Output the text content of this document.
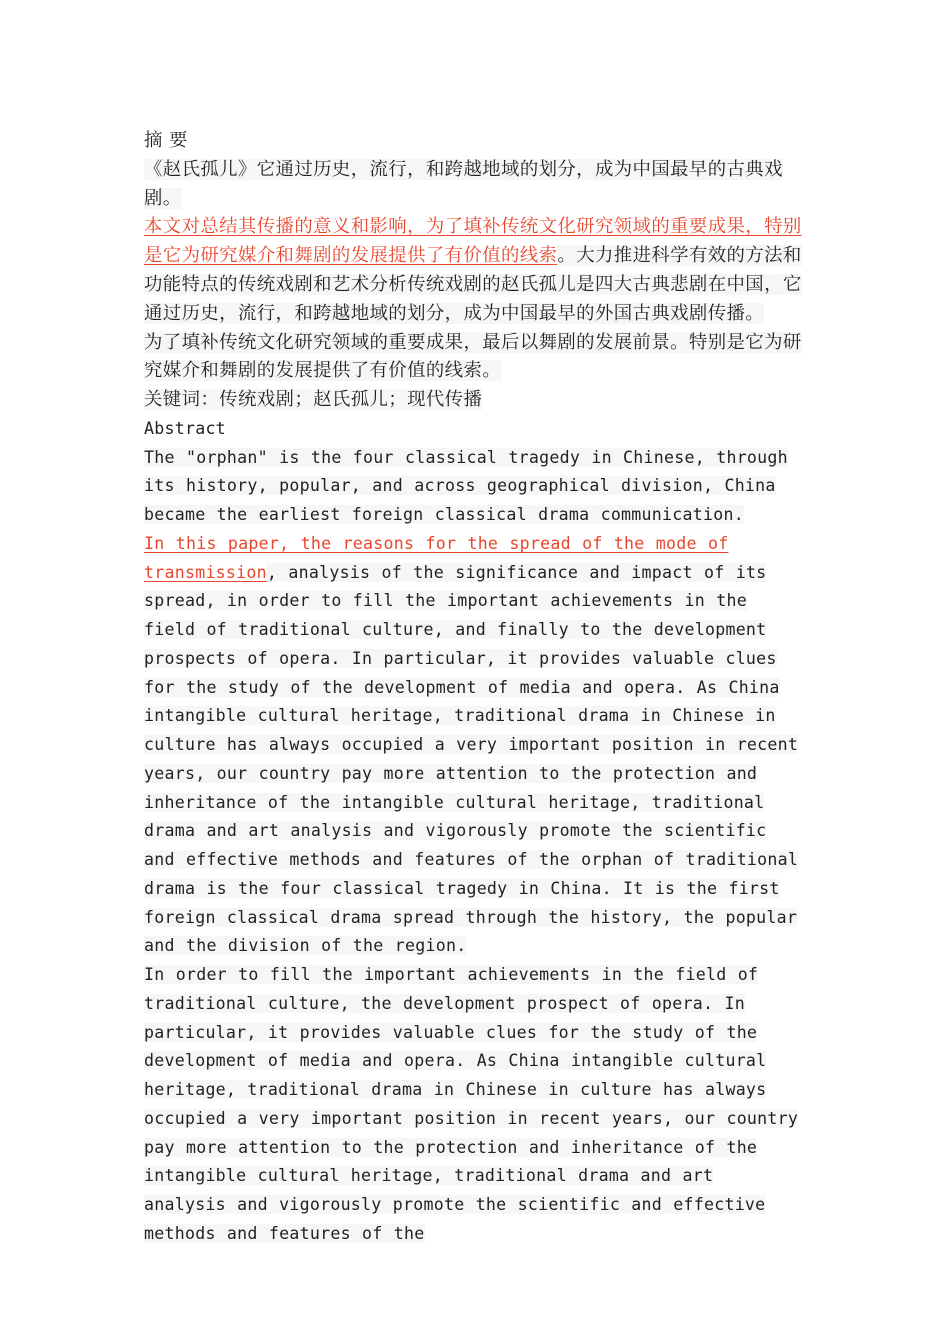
摘 要

《赵氏孤儿》它通过历史，流行，和跨越地域的划分，成为中国最早的古典戏剧。

本文对总结其传播的意义和影响，为了填补传统文化研究领域的重要成果，特别是它为研究媒介和舞剧的发展提供了有价值的线索。大力推进科学有效的方法和功能特点的传统戏剧和艺术分析传统戏剧的赵氏孤儿是四大古典悲剧在中国，它通过历史，流行，和跨越地域的划分，成为中国最早的外国古典戏剧传播。

为了填补传统文化研究领域的重要成果，最后以舞剧的发展前景。特别是它为研究媒介和舞剧的发展提供了有价值的线索。

关键词：传统戏剧；赵氏孤儿；现代传播

Abstract

The "orphan" is the four classical tragedy in Chinese, through its history, popular, and across geographical division, China became the earliest foreign classical drama communication.

In this paper, the reasons for the spread of the mode of transmission, analysis of the significance and impact of its spread, in order to fill the important achievements in the field of traditional culture, and finally to the development prospects of opera. In particular, it provides valuable clues for the study of the development of media and opera. As China intangible cultural heritage, traditional drama in Chinese in culture has always occupied a very important position in recent years, our country pay more attention to the protection and inheritance of the intangible cultural heritage, traditional drama and art analysis and vigorously promote the scientific and effective methods and features of the orphan of traditional drama is the four classical tragedy in China. It is the first foreign classical drama spread through the history, the popular and the division of the region.

In order to fill the important achievements in the field of traditional culture, the development prospect of opera. In particular, it provides valuable clues for the study of the development of media and opera. As China intangible cultural heritage, traditional drama in Chinese in culture has always occupied a very important position in recent years, our country pay more attention to the protection and inheritance of the intangible cultural heritage, traditional drama and art analysis and vigorously promote the scientific and effective methods and features of the
